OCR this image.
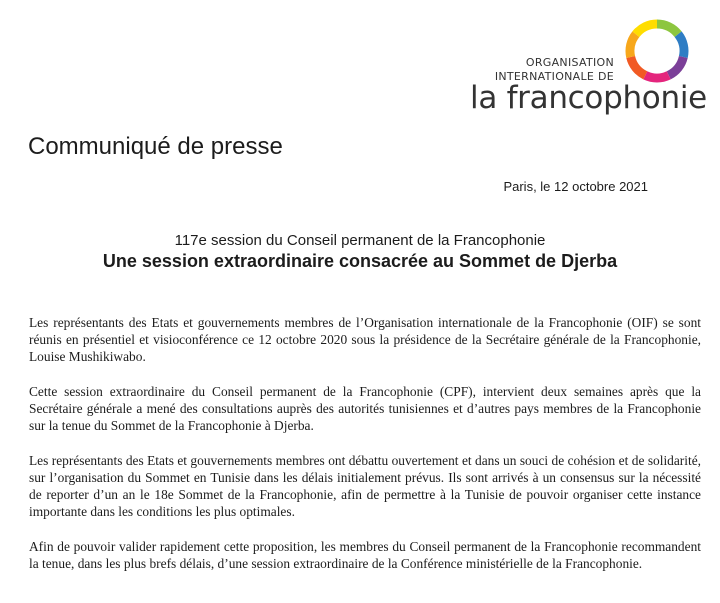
ORGANISATION
INTERNATIONALE DE
la francophonie
Communiqué de presse
Paris, le 12 octobre 2021
117e session du Conseil permanent de la Francophonie
Une session extraordinaire consacrée au Sommet de Djerba

Les représentants des Etats et gouvernements membres de l’Organisation internationale de la Francophonie (OIF) se sont réunis en présentiel et visioconférence ce 12 octobre 2020 sous la présidence de la Secrétaire générale de la Francophonie, Louise Mushikiwabo.

Cette session extraordinaire du Conseil permanent de la Francophonie (CPF), intervient deux semaines après que la Secrétaire générale a mené des consultations auprès des autorités tunisiennes et d’autres pays membres de la Francophonie sur la tenue du Sommet de la Francophonie à Djerba.

Les représentants des Etats et gouvernements membres ont débattu ouvertement et dans un souci de cohésion et de solidarité, sur l’organisation du Sommet en Tunisie dans les délais initialement prévus. Ils sont arrivés à un consensus sur la nécessité de reporter d’un an le 18e Sommet de la Francophonie, afin de permettre à la Tunisie de pouvoir organiser cette instance importante dans les conditions les plus optimales.

Afin de pouvoir valider rapidement cette proposition, les membres du Conseil permanent de la Francophonie recommandent la tenue, dans les plus brefs délais, d’une session extraordinaire de la Conférence ministérielle de la Francophonie.
